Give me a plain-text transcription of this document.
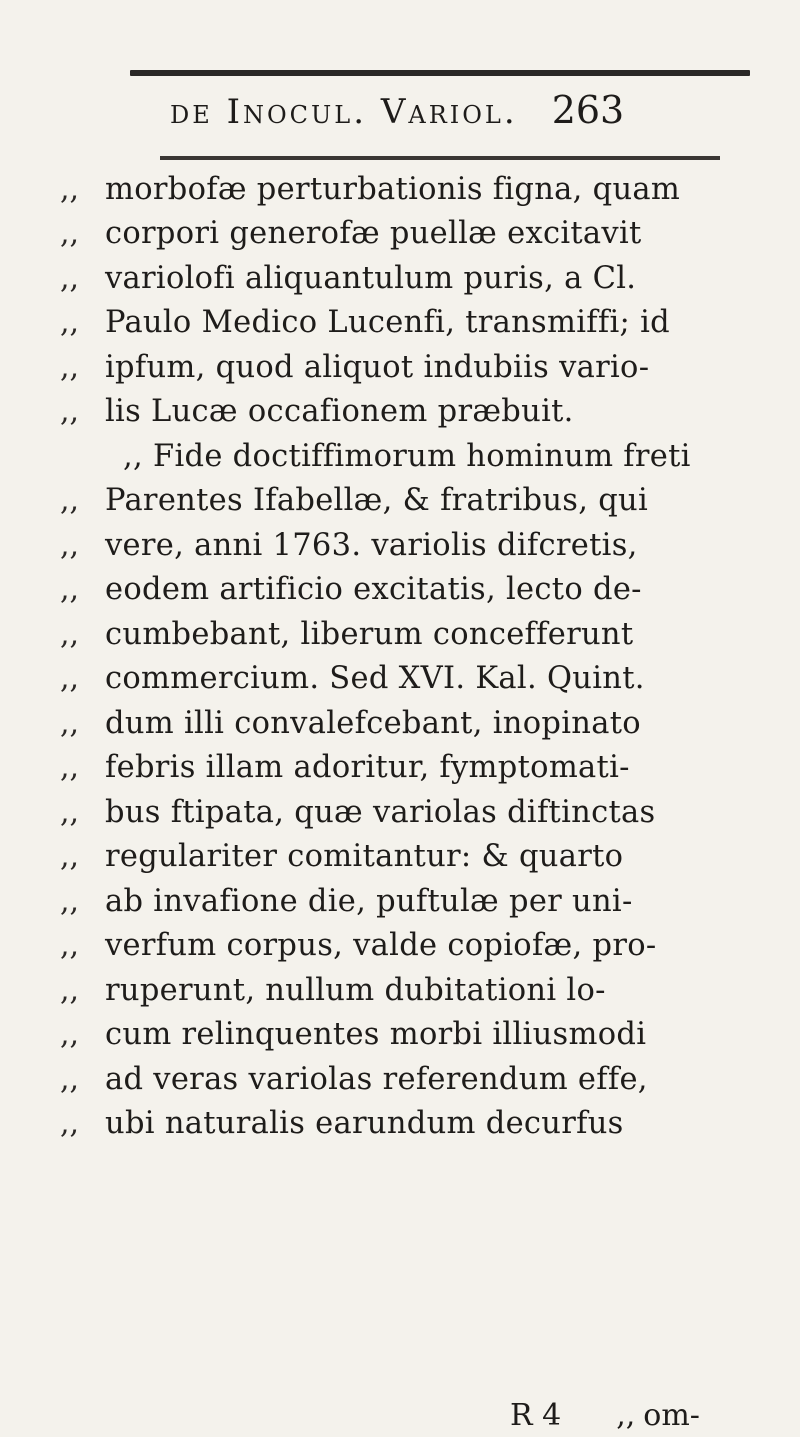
de Inocul. Variol. 263
,, morbofæ perturbationis figna, quam
,, corpori generofæ puellæ excitavit
,, variolofi aliquantulum puris, a Cl.
,, Paulo Medico Lucenfi, transmiffi; id
,, ipfum, quod aliquot indubiis vario-
,, lis Lucæ occafionem præbuit.
,, Fide doctiffimorum hominum freti
,, Parentes Ifabellæ, & fratribus, qui
,, vere, anni 1763. variolis difcretis,
,, eodem artificio excitatis, lecto de-
,, cumbebant, liberum concefferunt
,, commercium. Sed XVI. Kal. Quint.
,, dum illi convalefcebant, inopinato
,, febris illam adoritur, fymptomati-
,, bus ftipata, quæ variolas diftinctas
,, regulariter comitantur: & quarto
,, ab invafione die, puftulæ per uni-
,, verfum corpus, valde copiofæ, pro-
,, ruperunt, nullum dubitationi lo-
,, cum relinquentes morbi illiusmodi
,, ad veras variolas referendum effe,
,, ubi naturalis earundum decurfus
R 4 ,, om-
